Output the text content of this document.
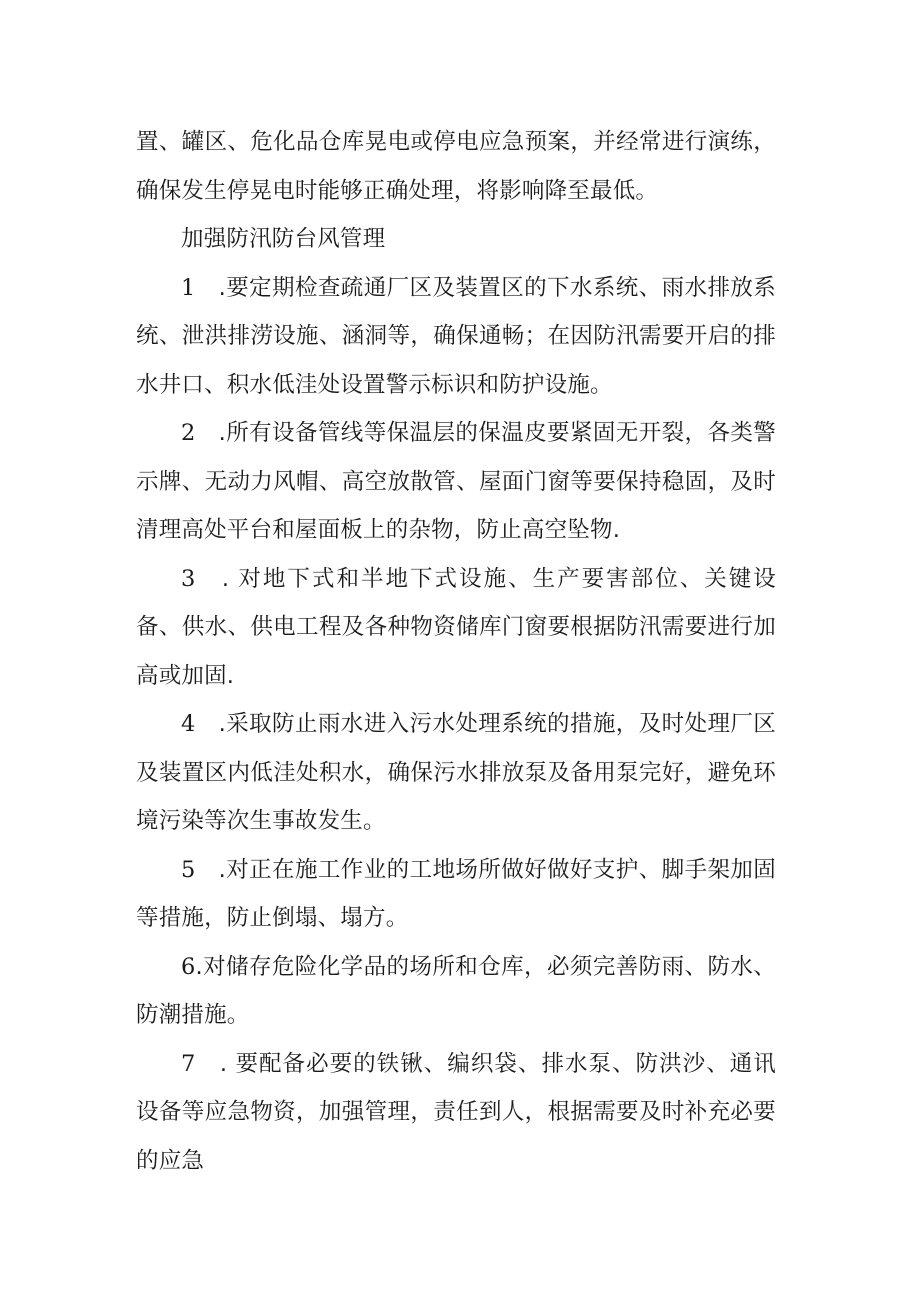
置、罐区、危化品仓库晃电或停电应急预案，并经常进行演练，确保发生停晃电时能够正确处理，将影响降至最低。

加强防汛防台风管理

1　.要定期检查疏通厂区及装置区的下水系统、雨水排放系统、泄洪排涝设施、涵洞等，确保通畅；在因防汛需要开启的排水井口、积水低洼处设置警示标识和防护设施。

2　.所有设备管线等保温层的保温皮要紧固无开裂，各类警示牌、无动力风帽、高空放散管、屋面门窗等要保持稳固，及时清理高处平台和屋面板上的杂物，防止高空坠物.

3　. 对地下式和半地下式设施、生产要害部位、关键设备、供水、供电工程及各种物资储库门窗要根据防汛需要进行加高或加固.

4　.采取防止雨水进入污水处理系统的措施，及时处理厂区及装置区内低洼处积水，确保污水排放泵及备用泵完好，避免环境污染等次生事故发生。

5　.对正在施工作业的工地场所做好做好支护、脚手架加固等措施，防止倒塌、塌方。

6.对储存危险化学品的场所和仓库，必须完善防雨、防水、防潮措施。

7　. 要配备必要的铁锹、编织袋、排水泵、防洪沙、通讯设备等应急物资，加强管理，责任到人，根据需要及时补充必要的应急
